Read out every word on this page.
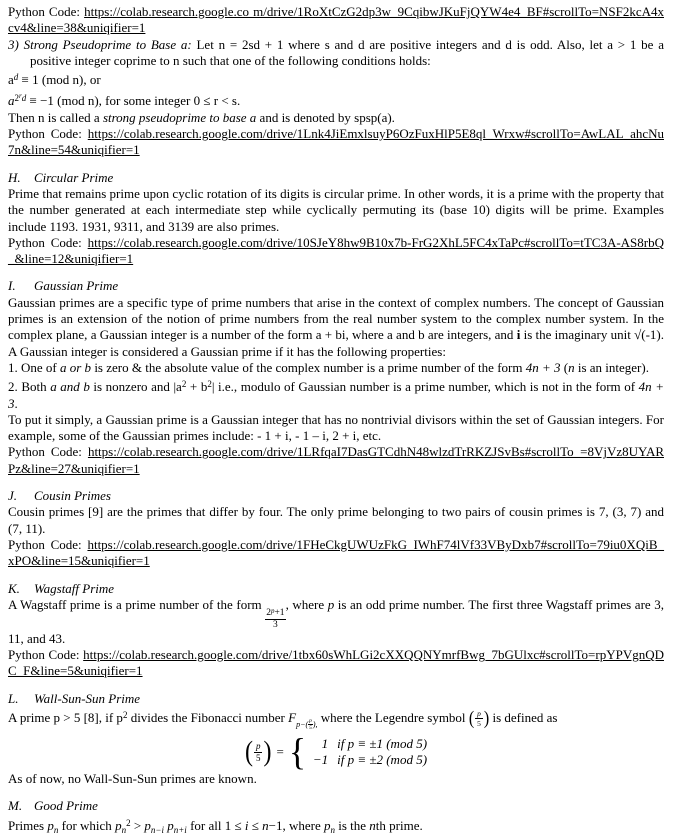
Python Code: https://colab.research.google.co m/drive/1RoXtCzG2dp3w_9CqibwJKuFjQYW4e4_BF#scrollTo=NSF2kcA4xcv4&line=38&uniqifier=1

3) Strong Pseudoprime to Base a: Let n = 2sd + 1 where s and d are positive integers and d is odd. Also, let a > 1 be a positive integer coprime to n such that one of the following conditions holds:

$a^d \equiv 1$ (mod n), or

$a^{2^rd} \equiv -1$ (mod n), for some integer 0 ≤ r < s.

Then n is called a strong pseudoprime to base a and is denoted by spsp(a).

Python Code: https://colab.research.google.com/drive/1Lnk4JiEmxlsuyP6OzFuxHlP5E8ql_Wrxw#scrollTo=AwLAL_ahcNu7n&line=54&uniqifier=1

H. Circular Prime

Prime that remains prime upon cyclic rotation of its digits is circular prime. In other words, it is a prime with the property that the number generated at each intermediate step while cyclically permuting its (base 10) digits will be prime. Examples include 1193. 1931, 9311, and 3139 are also primes.

Python Code: https://colab.research.google.com/drive/10SJeY8hw9B10x7b-FrG2XhL5FC4xTaPc#scrollTo=tTC3A-AS8rbQ_&line=12&uniqifier=1

I. Gaussian Prime

Gaussian primes are a specific type of prime numbers that arise in the context of complex numbers. The concept of Gaussian primes is an extension of the notion of prime numbers from the real number system to the complex number system. In the complex plane, a Gaussian integer is a number of the form a + bi, where a and b are integers, and i is the imaginary unit √(-1). A Gaussian integer is considered a Gaussian prime if it has the following properties:

1. One of a or b is zero & the absolute value of the complex number is a prime number of the form 4n + 3 (n is an integer).

2. Both a and b is nonzero and $|a^2 + b^2|$ i.e., modulo of Gaussian number is a prime number, which is not in the form of 4n + 3.

To put it simply, a Gaussian prime is a Gaussian integer that has no nontrivial divisors within the set of Gaussian integers. For example, some of the Gaussian primes include: - 1 + i, - 1 – i, 2 + i, etc.

Python Code: https://colab.research.google.com/drive/1LRfqaI7DasGTCdhN48wlzdTrRKZJSvBs#scrollTo_=8VjVz8UYARPz&line=27&uniqifier=1

J. Cousin Primes

Cousin primes [9] are the primes that differ by four. The only prime belonging to two pairs of cousin primes is 7, (3, 7) and (7, 11).

Python Code: https://colab.research.google.com/drive/1FHeCkgUWUzFkG_IWhF74lVf33VByDxb7#scrollTo=79iu0XQiB_xPO&line=15&uniqifier=1

K. Wagstaff Prime

A Wagstaff prime is a prime number of the form
$\frac{2^p+1}{3}$
, where p is an odd prime number. The first three Wagstaff primes are 3, 11, and 43.

Python Code: https://colab.research.google.com/drive/1tbx60sWhLGi2cXXQQNYmrfBwg_7bGUlxc#scrollTo=rpYPVgnQDC_F&line=5&uniqifier=1

L. Wall-Sun-Sun Prime

A prime p > 5 [8], if $p^2$ divides the Fibonacci number $F_{p-( \frac{p}{5} ),}$ where the Legendre symbol ( $\frac{p}{5}$ ) is defined as

( $\frac{p}{5}$ ) = {	1 if p ≡ ±1 (mod 5)
−1 if p ≡ ±2 (mod 5)

As of now, no Wall-Sun-Sun primes are known.

M. Good Prime

Primes $p_n$ for which $p_n^2 > p_{n-i}$ $p_{n+i}$ for all 1 ≤ i ≤ n−1, where $p_n$ is the nth prime.
